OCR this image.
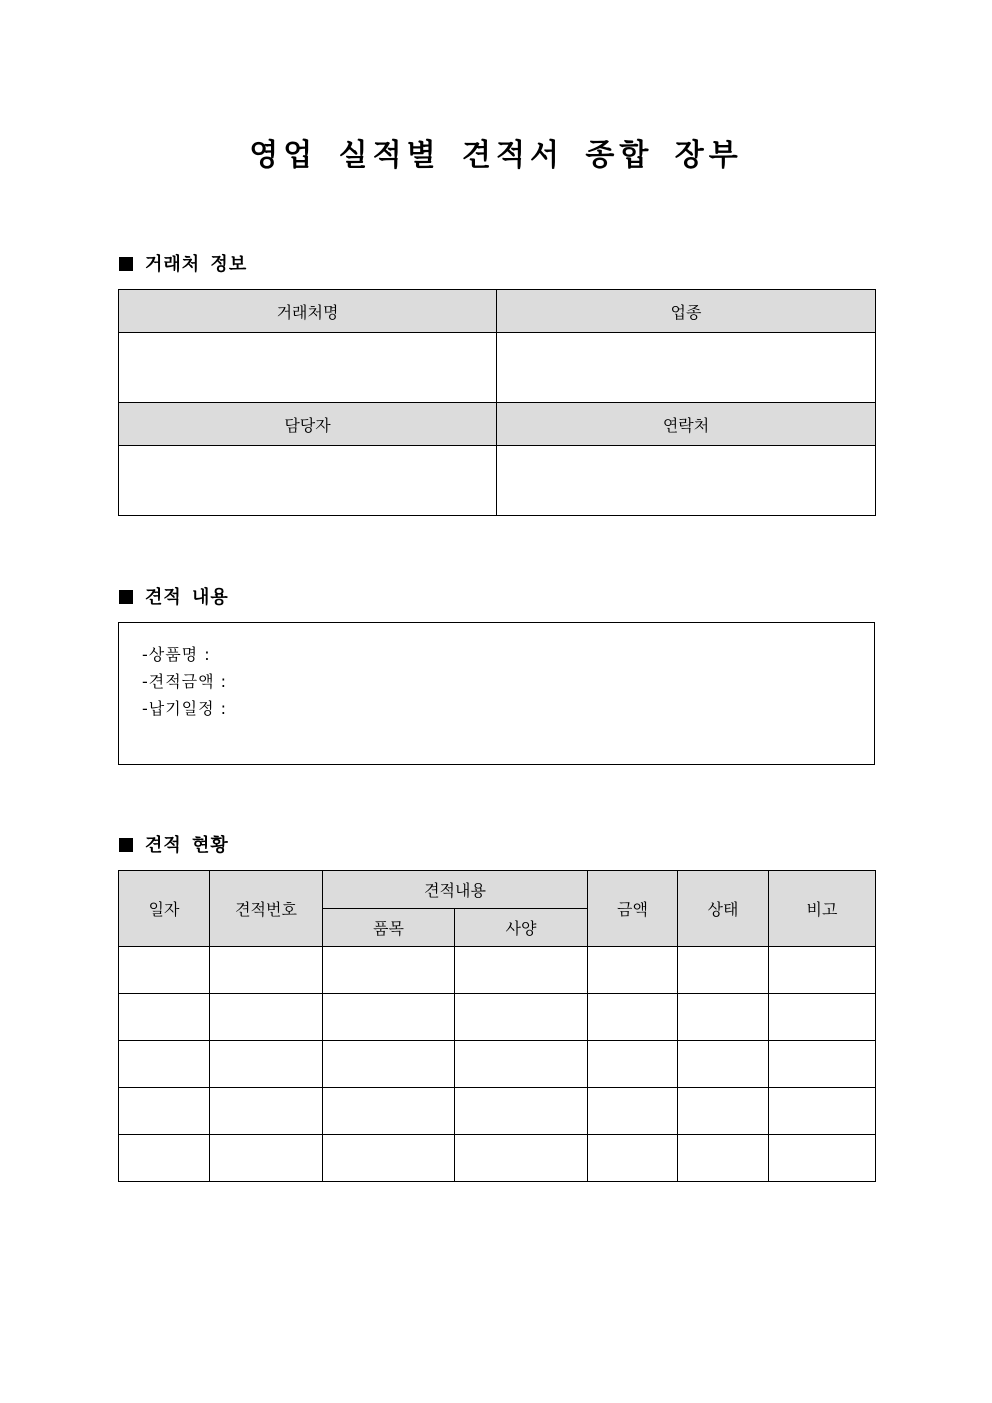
영업 실적별 견적서 종합 장부
거래처 정보
거래처명	업종

담당자	연락처

견적 내용
-상품명 :
-견적금액 :
-납기일정 :
견적 현황
일자	견적번호	견적내용		금액	상태	비고
		품목	사양			
